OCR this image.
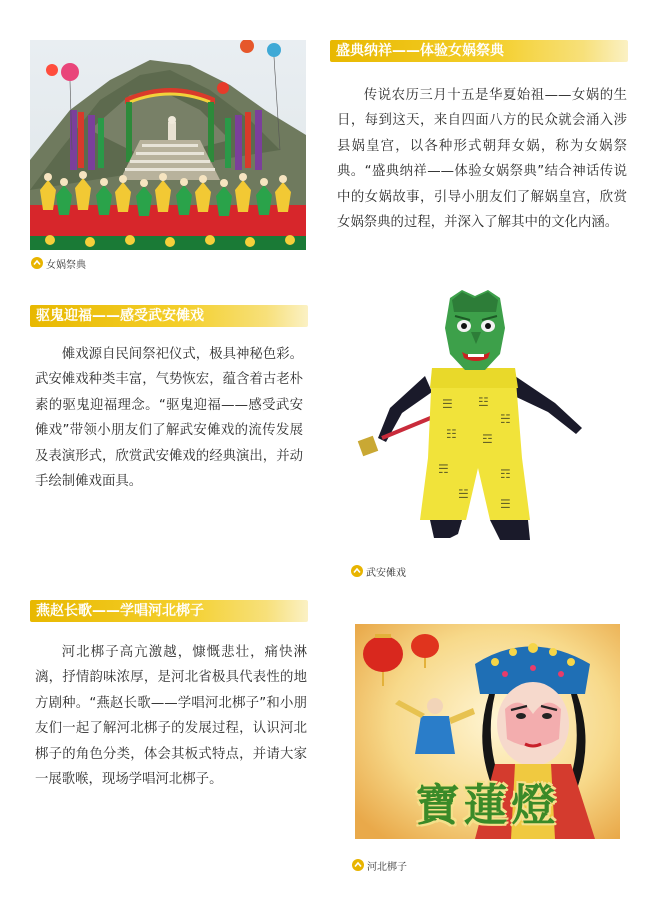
女娲祭典
盛典纳祥——体验女娲祭典

传说农历三月十五是华夏始祖——女娲的生日，每到这天，来自四面八方的民众就会涌入涉县娲皇宫，以各种形式朝拜女娲，称为女娲祭典。“盛典纳祥——体验女娲祭典”结合神话传说中的女娲故事，引导小朋友们了解娲皇宫，欣赏女娲祭典的过程，并深入了解其中的文化内涵。

驱鬼迎福——感受武安傩戏

傩戏源自民间祭祀仪式，极具神秘色彩。武安傩戏种类丰富，气势恢宏，蕴含着古老朴素的驱鬼迎福理念。“驱鬼迎福——感受武安傩戏”带领小朋友们了解武安傩戏的流传发展及表演形式，欣赏武安傩戏的经典演出，并动手绘制傩戏面具。

☰ ☳
☵
☷ ☲
☴	☶
☱
☰
武安傩戏
燕赵长歌——学唱河北梆子

河北梆子高亢激越，慷慨悲壮，痛快淋漓，抒情韵味浓厚，是河北省极具代表性的地方剧种。“燕赵长歌——学唱河北梆子”和小朋友们一起了解河北梆子的发展过程，认识河北梆子的角色分类，体会其板式特点，并请大家一展歌喉，现场学唱河北梆子。

寶蓮燈
河北梆子
